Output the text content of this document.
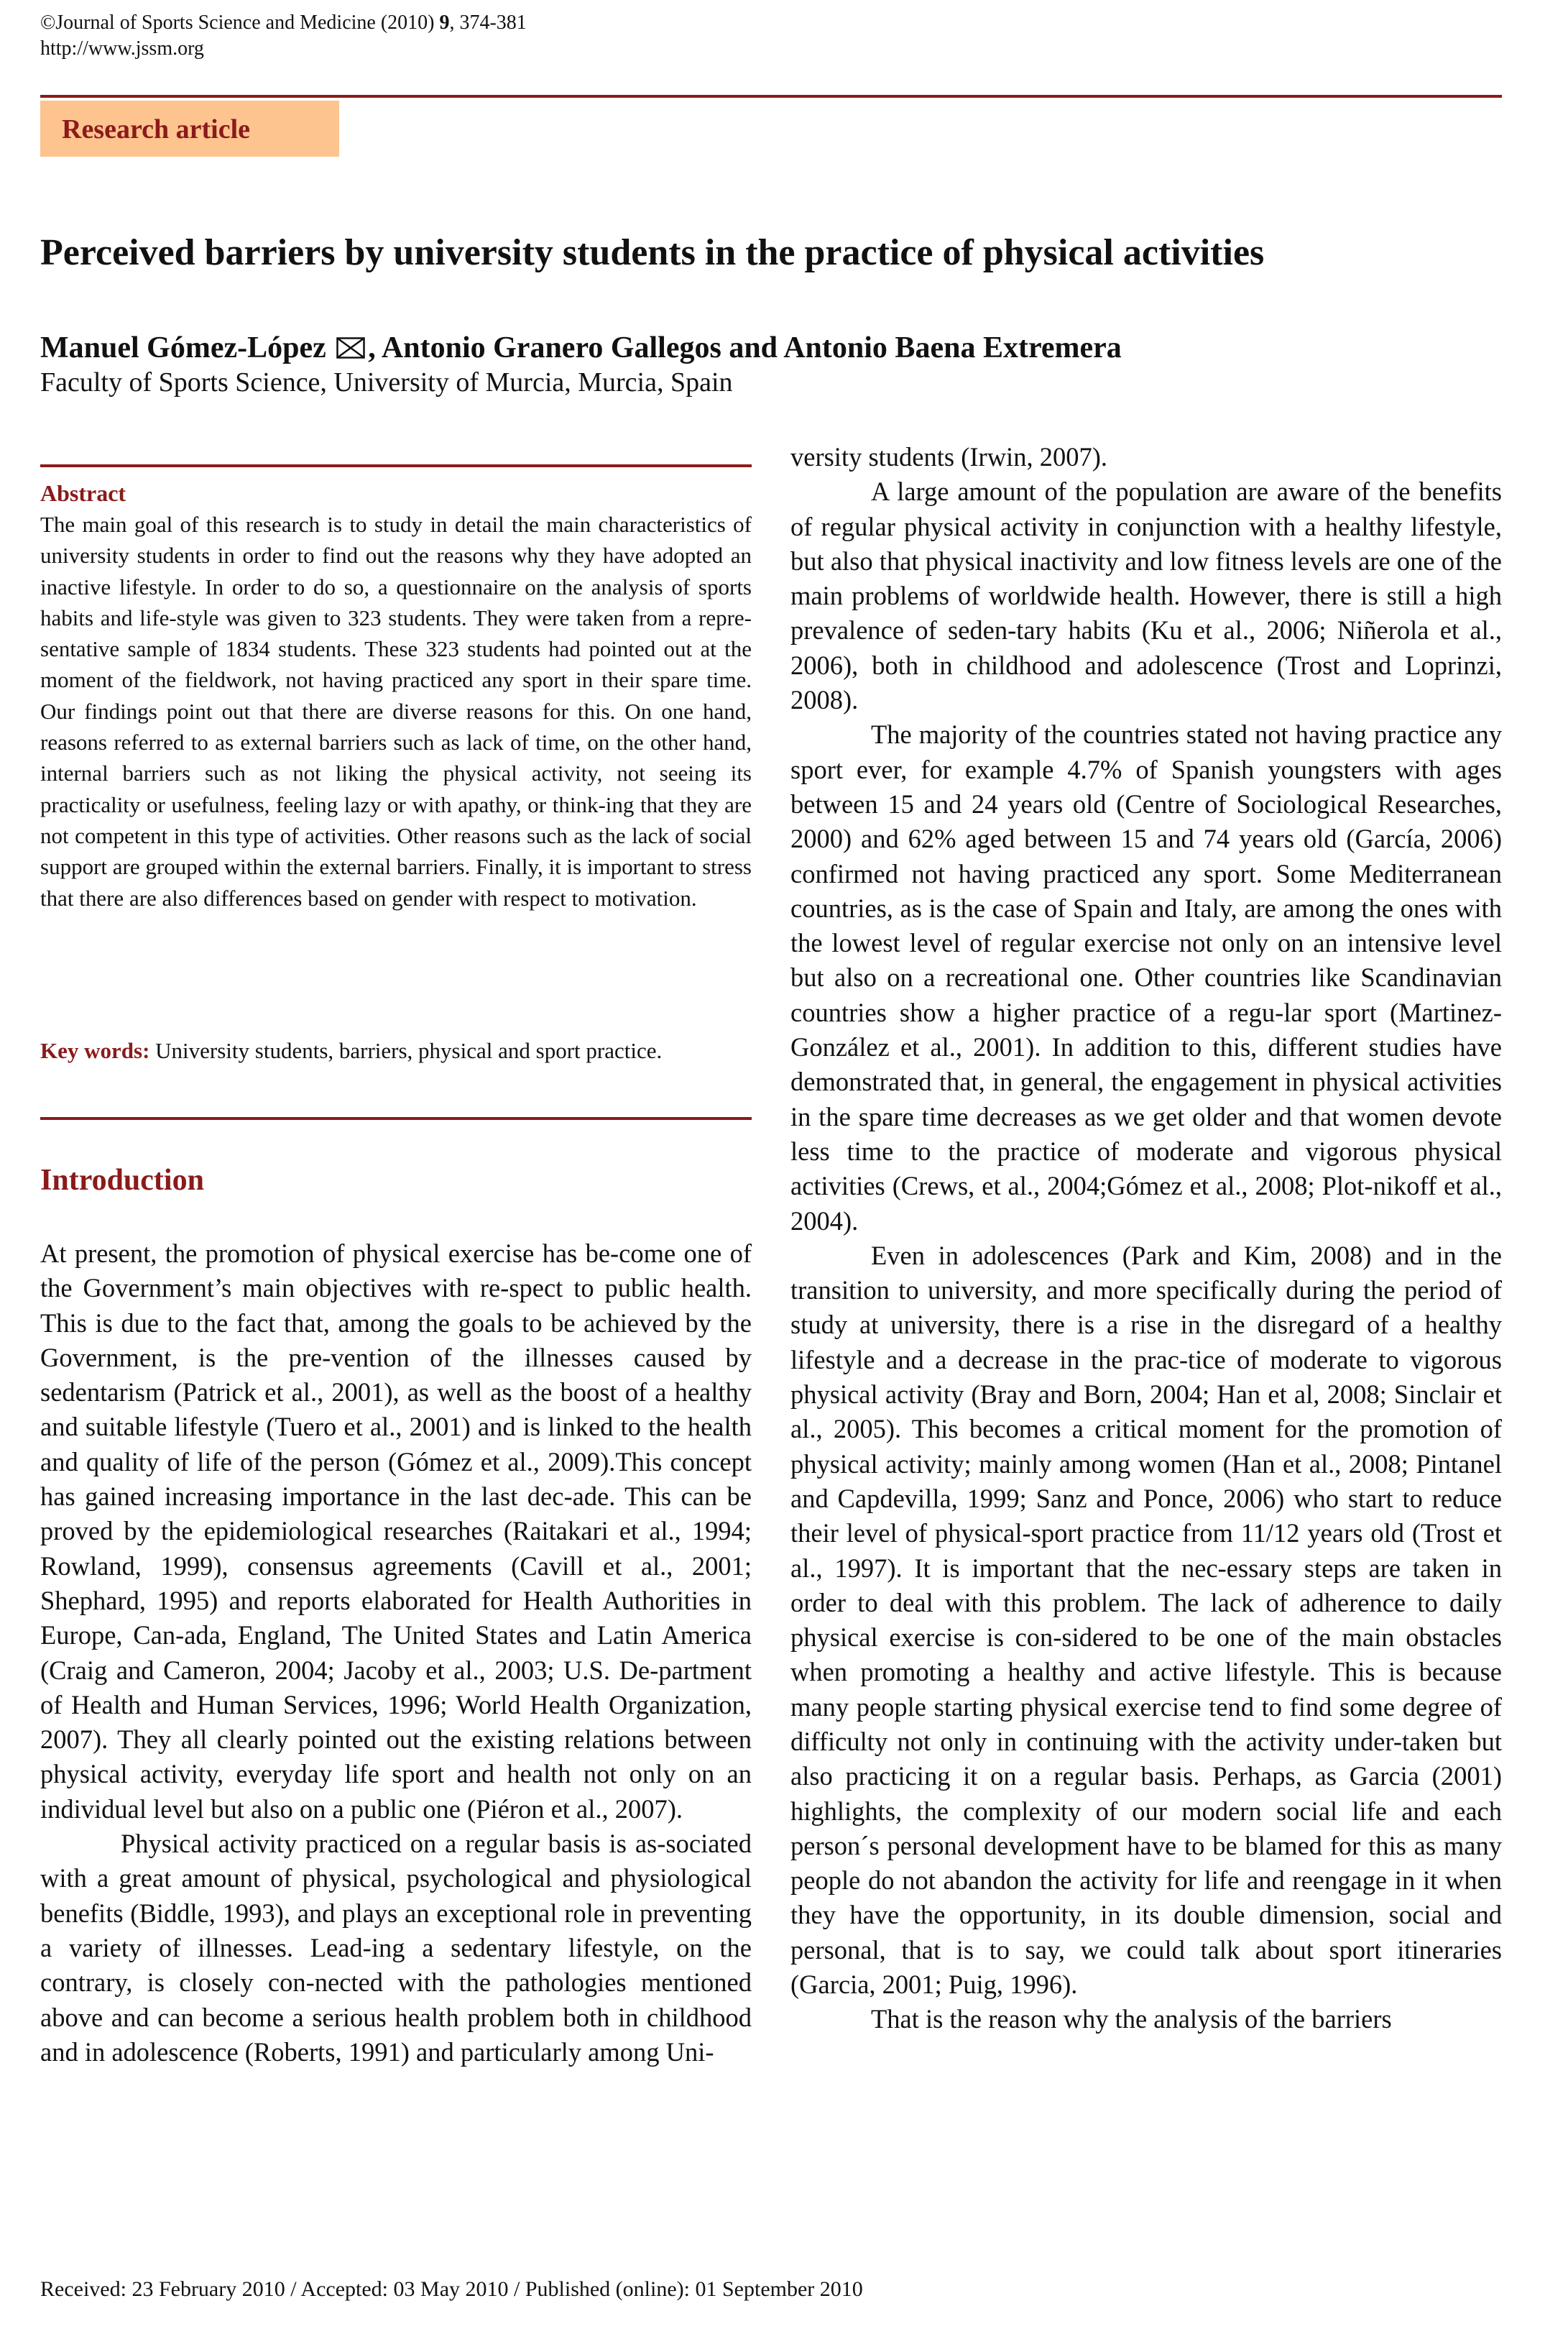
©Journal of Sports Science and Medicine (2010) 9, 374-381
http://www.jssm.org
Research article
Perceived barriers by university students in the practice of physical activities
Manuel Gómez-López , Antonio Granero Gallegos and Antonio Baena Extremera
Faculty of Sports Science, University of Murcia, Murcia, Spain
Abstract
The main goal of this research is to study in detail the main characteristics of university students in order to find out the reasons why they have adopted an inactive lifestyle. In order to do so, a questionnaire on the analysis of sports habits and life-style was given to 323 students. They were taken from a repre-sentative sample of 1834 students. These 323 students had pointed out at the moment of the fieldwork, not having practiced any sport in their spare time. Our findings point out that there are diverse reasons for this. On one hand, reasons referred to as external barriers such as lack of time, on the other hand, internal barriers such as not liking the physical activity, not seeing its practicality or usefulness, feeling lazy or with apathy, or think-ing that they are not competent in this type of activities. Other reasons such as the lack of social support are grouped within the external barriers. Finally, it is important to stress that there are also differences based on gender with respect to motivation.
Key words: University students, barriers, physical and sport practice.
Introduction

At present, the promotion of physical exercise has be-come one of the Government’s main objectives with re-spect to public health. This is due to the fact that, among the goals to be achieved by the Government, is the pre-vention of the illnesses caused by sedentarism (Patrick et al., 2001), as well as the boost of a healthy and suitable lifestyle (Tuero et al., 2001) and is linked to the health and quality of life of the person (Gómez et al., 2009).This concept has gained increasing importance in the last dec-ade. This can be proved by the epidemiological researches (Raitakari et al., 1994; Rowland, 1999), consensus agreements (Cavill et al., 2001; Shephard, 1995) and reports elaborated for Health Authorities in Europe, Can-ada, England, The United States and Latin America (Craig and Cameron, 2004; Jacoby et al., 2003; U.S. De-partment of Health and Human Services, 1996; World Health Organization, 2007). They all clearly pointed out the existing relations between physical activity, everyday life sport and health not only on an individual level but also on a public one (Piéron et al., 2007).

Physical activity practiced on a regular basis is as-sociated with a great amount of physical, psychological and physiological benefits (Biddle, 1993), and plays an exceptional role in preventing a variety of illnesses. Lead-ing a sedentary lifestyle, on the contrary, is closely con-nected with the pathologies mentioned above and can become a serious health problem both in childhood and in adolescence (Roberts, 1991) and particularly among Uni-

versity students (Irwin, 2007).

A large amount of the population are aware of the benefits of regular physical activity in conjunction with a healthy lifestyle, but also that physical inactivity and low fitness levels are one of the main problems of worldwide health. However, there is still a high prevalence of seden-tary habits (Ku et al., 2006; Niñerola et al., 2006), both in childhood and adolescence (Trost and Loprinzi, 2008).

The majority of the countries stated not having practice any sport ever, for example 4.7% of Spanish youngsters with ages between 15 and 24 years old (Centre of Sociological Researches, 2000) and 62% aged between 15 and 74 years old (García, 2006) confirmed not having practiced any sport. Some Mediterranean countries, as is the case of Spain and Italy, are among the ones with the lowest level of regular exercise not only on an intensive level but also on a recreational one. Other countries like Scandinavian countries show a higher practice of a regu-lar sport (Martinez-González et al., 2001). In addition to this, different studies have demonstrated that, in general, the engagement in physical activities in the spare time decreases as we get older and that women devote less time to the practice of moderate and vigorous physical activities (Crews, et al., 2004;Gómez et al., 2008; Plot-nikoff et al., 2004).

Even in adolescences (Park and Kim, 2008) and in the transition to university, and more specifically during the period of study at university, there is a rise in the disregard of a healthy lifestyle and a decrease in the prac-tice of moderate to vigorous physical activity (Bray and Born, 2004; Han et al, 2008; Sinclair et al., 2005). This becomes a critical moment for the promotion of physical activity; mainly among women (Han et al., 2008; Pintanel and Capdevilla, 1999; Sanz and Ponce, 2006) who start to reduce their level of physical-sport practice from 11/12 years old (Trost et al., 1997). It is important that the nec-essary steps are taken in order to deal with this problem. The lack of adherence to daily physical exercise is con-sidered to be one of the main obstacles when promoting a healthy and active lifestyle. This is because many people starting physical exercise tend to find some degree of difficulty not only in continuing with the activity under-taken but also practicing it on a regular basis. Perhaps, as Garcia (2001) highlights, the complexity of our modern social life and each person´s personal development have to be blamed for this as many people do not abandon the activity for life and reengage in it when they have the opportunity, in its double dimension, social and personal, that is to say, we could talk about sport itineraries (Garcia, 2001; Puig, 1996).

That is the reason why the analysis of the barriers

Received: 23 February 2010 / Accepted: 03 May 2010 / Published (online): 01 September 2010
